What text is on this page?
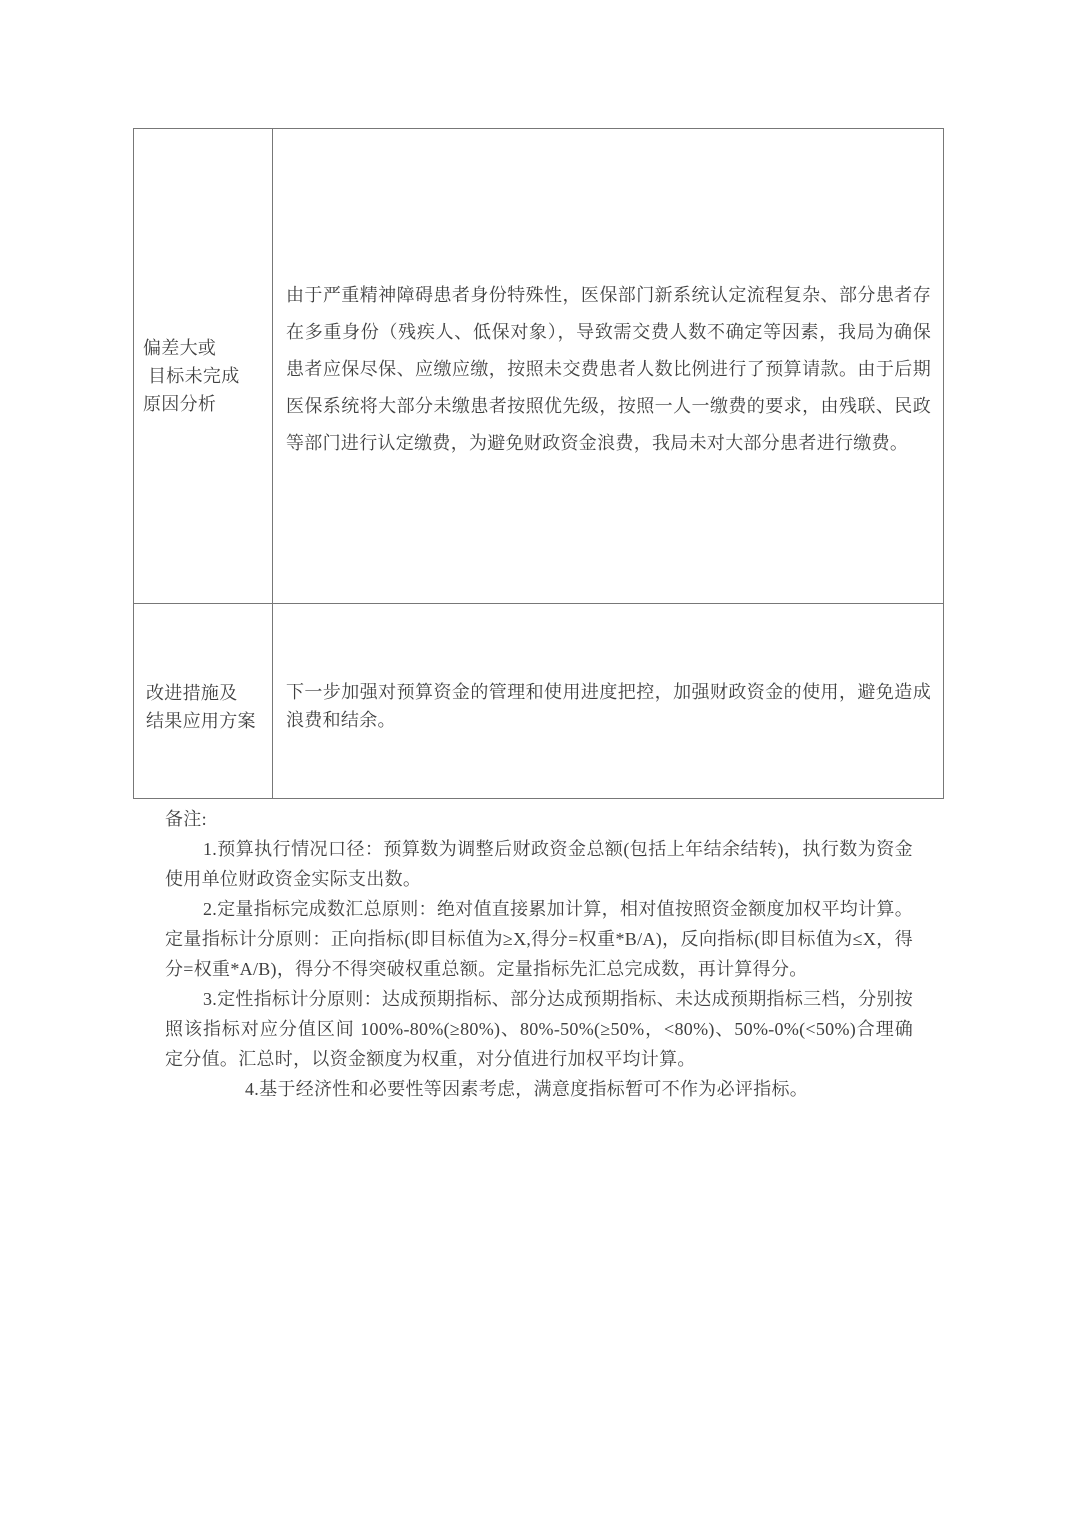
偏差大或
目标未完成
原因分析	由于严重精神障碍患者身份特殊性，医保部门新系统认定流程复杂、部分患者存在多重身份（残疾人、低保对象），导致需交费人数不确定等因素，我局为确保患者应保尽保、应缴应缴，按照未交费患者人数比例进行了预算请款。由于后期医保系统将大部分未缴患者按照优先级，按照一人一缴费的要求，由残联、民政等部门进行认定缴费，为避免财政资金浪费，我局未对大部分患者进行缴费。

改进措施及
结果应用方案	下一步加强对预算资金的管理和使用进度把控，加强财政资金的使用，避免造成浪费和结余。

备注:

1.预算执行情况口径：预算数为调整后财政资金总额(包括上年结余结转)，执行数为资金使用单位财政资金实际支出数。

2.定量指标完成数汇总原则：绝对值直接累加计算，相对值按照资金额度加权平均计算。定量指标计分原则：正向指标(即目标值为≥X,得分=权重*B/A)，反向指标(即目标值为≤X，得分=权重*A/B)，得分不得突破权重总额。定量指标先汇总完成数，再计算得分。

3.定性指标计分原则：达成预期指标、部分达成预期指标、未达成预期指标三档，分别按照该指标对应分值区间 100%-80%(≥80%)、80%-50%(≥50%，<80%)、50%-0%(<50%)合理确定分值。汇总时，以资金额度为权重，对分值进行加权平均计算。

4.基于经济性和必要性等因素考虑，满意度指标暂可不作为必评指标。
